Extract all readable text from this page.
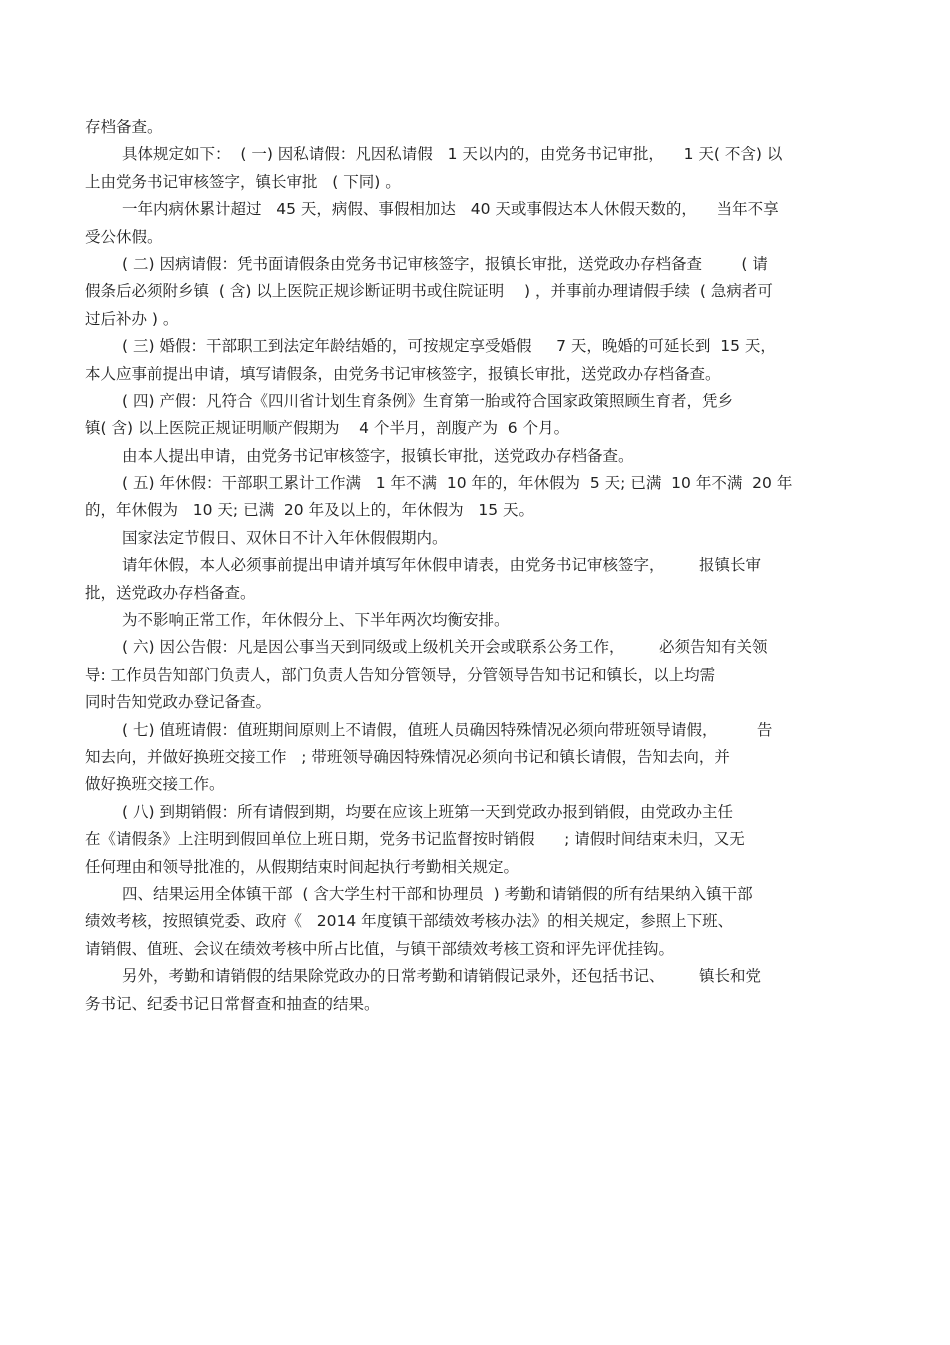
存档备查。
具体规定如下：  ( 一) 因私请假：凡因私请假   1 天以内的，由党务书记审批，    1 天( 不含) 以
上由党务书记审核签字，镇长审批   ( 下同) 。
一年内病休累计超过   45 天，病假、事假相加达   40 天或事假达本人休假天数的，    当年不享
受公休假。
( 二) 因病请假：凭书面请假条由党务书记审核签字，报镇长审批，送党政办存档备查        ( 请
假条后必须附乡镇  ( 含) 以上医院正规诊断证明书或住院证明    ) ，并事前办理请假手续  ( 急病者可
过后补办 ) 。
( 三) 婚假：干部职工到法定年龄结婚的，可按规定享受婚假     7 天，晚婚的可延长到  15 天，
本人应事前提出申请，填写请假条，由党务书记审核签字，报镇长审批，送党政办存档备查。
( 四) 产假：凡符合《四川省计划生育条例》生育第一胎或符合国家政策照顾生育者，凭乡
镇( 含) 以上医院正规证明顺产假期为    4 个半月，剖腹产为  6 个月。
由本人提出申请，由党务书记审核签字，报镇长审批，送党政办存档备查。
( 五) 年休假：干部职工累计工作满   1 年不满  10 年的，年休假为  5 天; 已满  10 年不满  20 年
的，年休假为   10 天; 已满  20 年及以上的，年休假为   15 天。
国家法定节假日、双休日不计入年休假假期内。
请年休假，本人必须事前提出申请并填写年休假申请表，由党务书记审核签字，       报镇长审
批，送党政办存档备查。
为不影响正常工作，年休假分上、下半年两次均衡安排。
( 六) 因公告假：凡是因公事当天到同级或上级机关开会或联系公务工作，       必须告知有关领
导: 工作员告知部门负责人，部门负责人告知分管领导，分管领导告知书记和镇长，以上均需
同时告知党政办登记备查。
( 七) 值班请假：值班期间原则上不请假，值班人员确因特殊情况必须向带班领导请假，        告
知去向，并做好换班交接工作   ; 带班领导确因特殊情况必须向书记和镇长请假，告知去向，并
做好换班交接工作。
( 八) 到期销假：所有请假到期，均要在应该上班第一天到党政办报到销假，由党政办主任
在《请假条》上注明到假回单位上班日期，党务书记监督按时销假      ; 请假时间结束未归，又无
任何理由和领导批准的，从假期结束时间起执行考勤相关规定。
四、结果运用全体镇干部  ( 含大学生村干部和协理员  ) 考勤和请销假的所有结果纳入镇干部
绩效考核，按照镇党委、政府《   2014 年度镇干部绩效考核办法》的相关规定，参照上下班、
请销假、值班、会议在绩效考核中所占比值，与镇干部绩效考核工资和评先评优挂钩。
另外，考勤和请销假的结果除党政办的日常考勤和请销假记录外，还包括书记、       镇长和党
务书记、纪委书记日常督查和抽查的结果。
